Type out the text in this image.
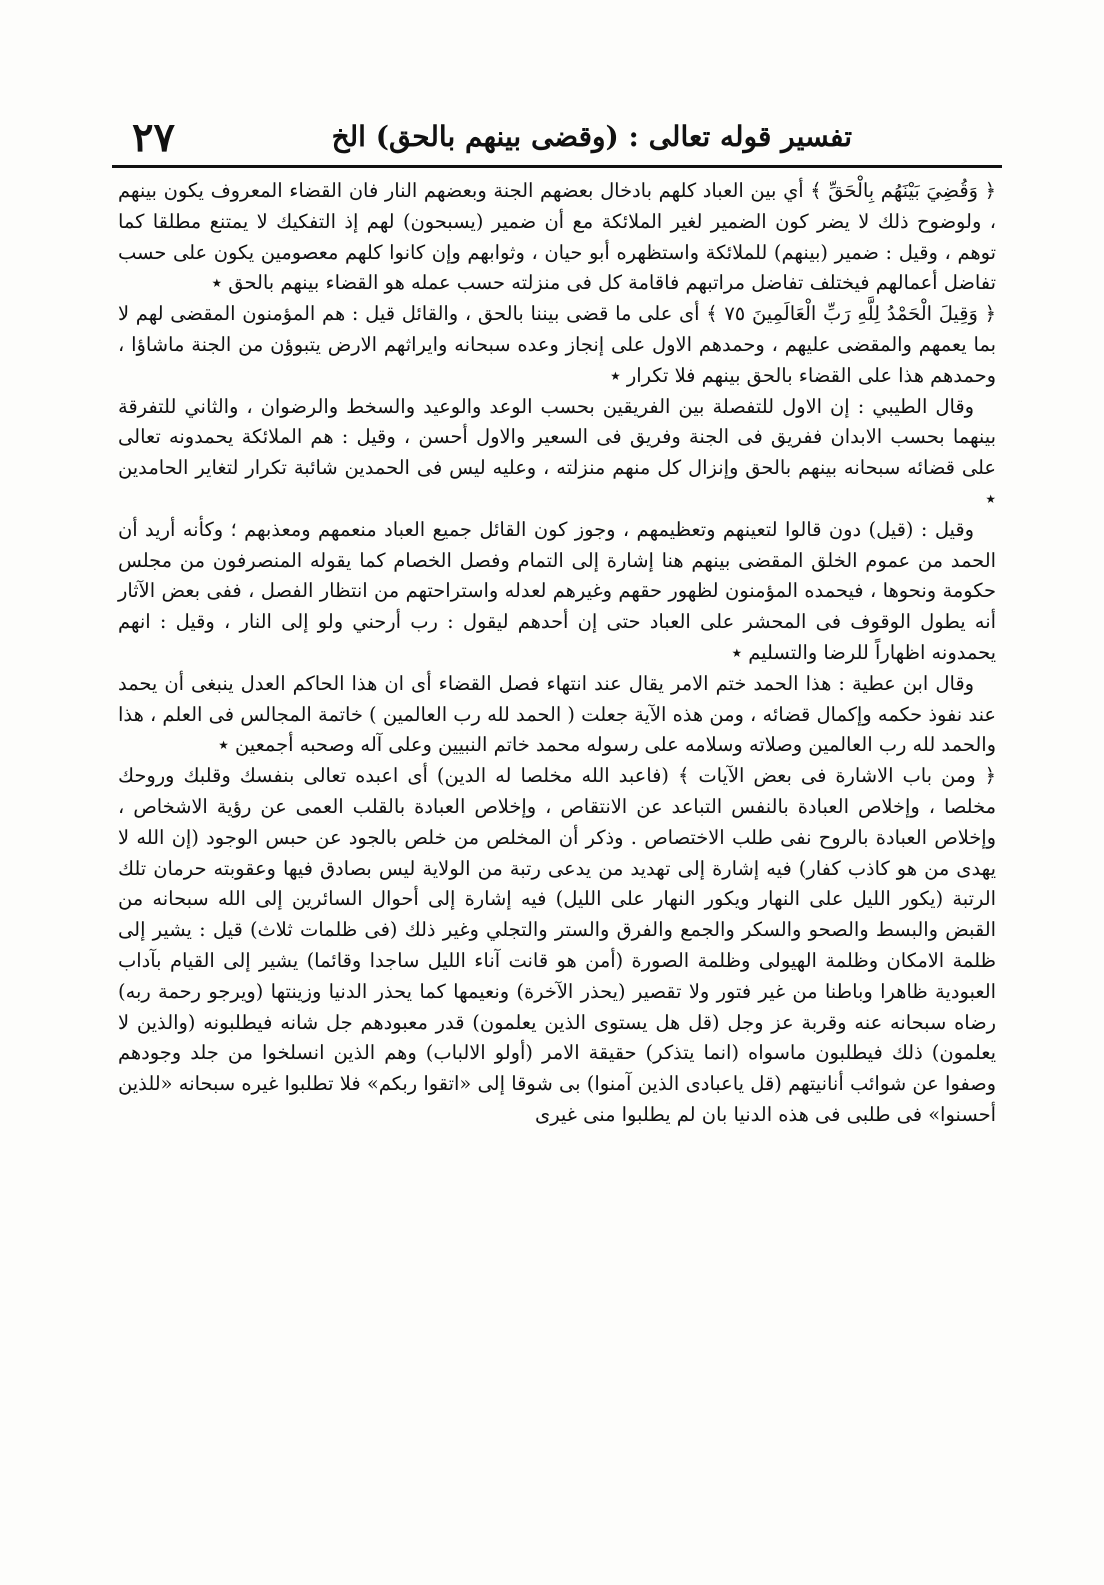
تفسير قوله تعالى : (وقضى بينهم بالحق) الخ
٢٧

﴿ وَقُضِيَ بَيْنَهُم بِالْحَقِّ ﴾ أي بين العباد كلهم بادخال بعضهم الجنة وبعضهم النار فان القضاء المعروف يكون بينهم ، ولوضوح ذلك لا يضر كون الضمير لغير الملائكة مع أن ضمير (يسبحون) لهم إذ التفكيك لا يمتنع مطلقا كما توهم ، وقيل : ضمير (بينهم) للملائكة واستظهره أبو حيان ، وثوابهم وإن كانوا كلهم معصومين يكون على حسب تفاضل أعمالهم فيختلف تفاضل مراتبهم فاقامة كل فى منزلته حسب عمله هو القضاء بينهم بالحق ٭

﴿ وَقِيلَ الْحَمْدُ لِلَّهِ رَبِّ الْعَالَمِينَ ٧٥ ﴾ أى على ما قضى بيننا بالحق ، والقائل قيل : هم المؤمنون المقضى لهم لا بما يعمهم والمقضى عليهم ، وحمدهم الاول على إنجاز وعده سبحانه وايراثهم الارض يتبوؤن من الجنة ماشاؤا ، وحمدهم هذا على القضاء بالحق بينهم فلا تكرار ٭

وقال الطيبي : إن الاول للتفصلة بين الفريقين بحسب الوعد والوعيد والسخط والرضوان ، والثاني للتفرقة بينهما بحسب الابدان ففريق فى الجنة وفريق فى السعير والاول أحسن ، وقيل : هم الملائكة يحمدونه تعالى على قضائه سبحانه بينهم بالحق وإنزال كل منهم منزلته ، وعليه ليس فى الحمدين شائبة تكرار لتغاير الحامدين ٭

وقيل : (قيل) دون قالوا لتعينهم وتعظيمهم ، وجوز كون القائل جميع العباد منعمهم ومعذبهم ؛ وكأنه أريد أن الحمد من عموم الخلق المقضى بينهم هنا إشارة إلى التمام وفصل الخصام كما يقوله المنصرفون من مجلس حكومة ونحوها ، فيحمده المؤمنون لظهور حقهم وغيرهم لعدله واستراحتهم من انتظار الفصل ، ففى بعض الآثار أنه يطول الوقوف فى المحشر على العباد حتى إن أحدهم ليقول : رب أرحني ولو إلى النار ، وقيل : انهم يحمدونه اظهاراً للرضا والتسليم ٭

وقال ابن عطية : هذا الحمد ختم الامر يقال عند انتهاء فصل القضاء أى ان هذا الحاكم العدل ينبغى أن يحمد عند نفوذ حكمه وإكمال قضائه ، ومن هذه الآية جعلت ( الحمد لله رب العالمين ) خاتمة المجالس فى العلم ، هذا والحمد لله رب العالمين وصلاته وسلامه على رسوله محمد خاتم النبيين وعلى آله وصحبه أجمعين ٭

﴿ ومن باب الاشارة فى بعض الآيات ﴾ (فاعبد الله مخلصا له الدين) أى اعبده تعالى بنفسك وقلبك وروحك مخلصا ، وإخلاص العبادة بالنفس التباعد عن الانتقاص ، وإخلاص العبادة بالقلب العمى عن رؤية الاشخاص ، وإخلاص العبادة بالروح نفى طلب الاختصاص . وذكر أن المخلص من خلص بالجود عن حبس الوجود (إن الله لا يهدى من هو كاذب كفار) فيه إشارة إلى تهديد من يدعى رتبة من الولاية ليس بصادق فيها وعقوبته حرمان تلك الرتبة (يكور الليل على النهار ويكور النهار على الليل) فيه إشارة إلى أحوال السائرين إلى الله سبحانه من القبض والبسط والصحو والسكر والجمع والفرق والستر والتجلي وغير ذلك (فى ظلمات ثلاث) قيل : يشير إلى ظلمة الامكان وظلمة الهيولى وظلمة الصورة (أمن هو قانت آناء الليل ساجدا وقائما) يشير إلى القيام بآداب العبودية ظاهرا وباطنا من غير فتور ولا تقصير (يحذر الآخرة) ونعيمها كما يحذر الدنيا وزينتها (ويرجو رحمة ربه) رضاه سبحانه عنه وقربة عز وجل (قل هل يستوى الذين يعلمون) قدر معبودهم جل شانه فيطلبونه (والذين لا يعلمون) ذلك فيطلبون ماسواه (انما يتذكر) حقيقة الامر (أولو الالباب) وهم الذين انسلخوا من جلد وجودهم وصفوا عن شوائب أنانيتهم (قل ياعبادى الذين آمنوا) بى شوقا إلى «اتقوا ربكم» فلا تطلبوا غيره سبحانه «للذين أحسنوا» فى طلبى فى هذه الدنيا بان لم يطلبوا منى غيرى
